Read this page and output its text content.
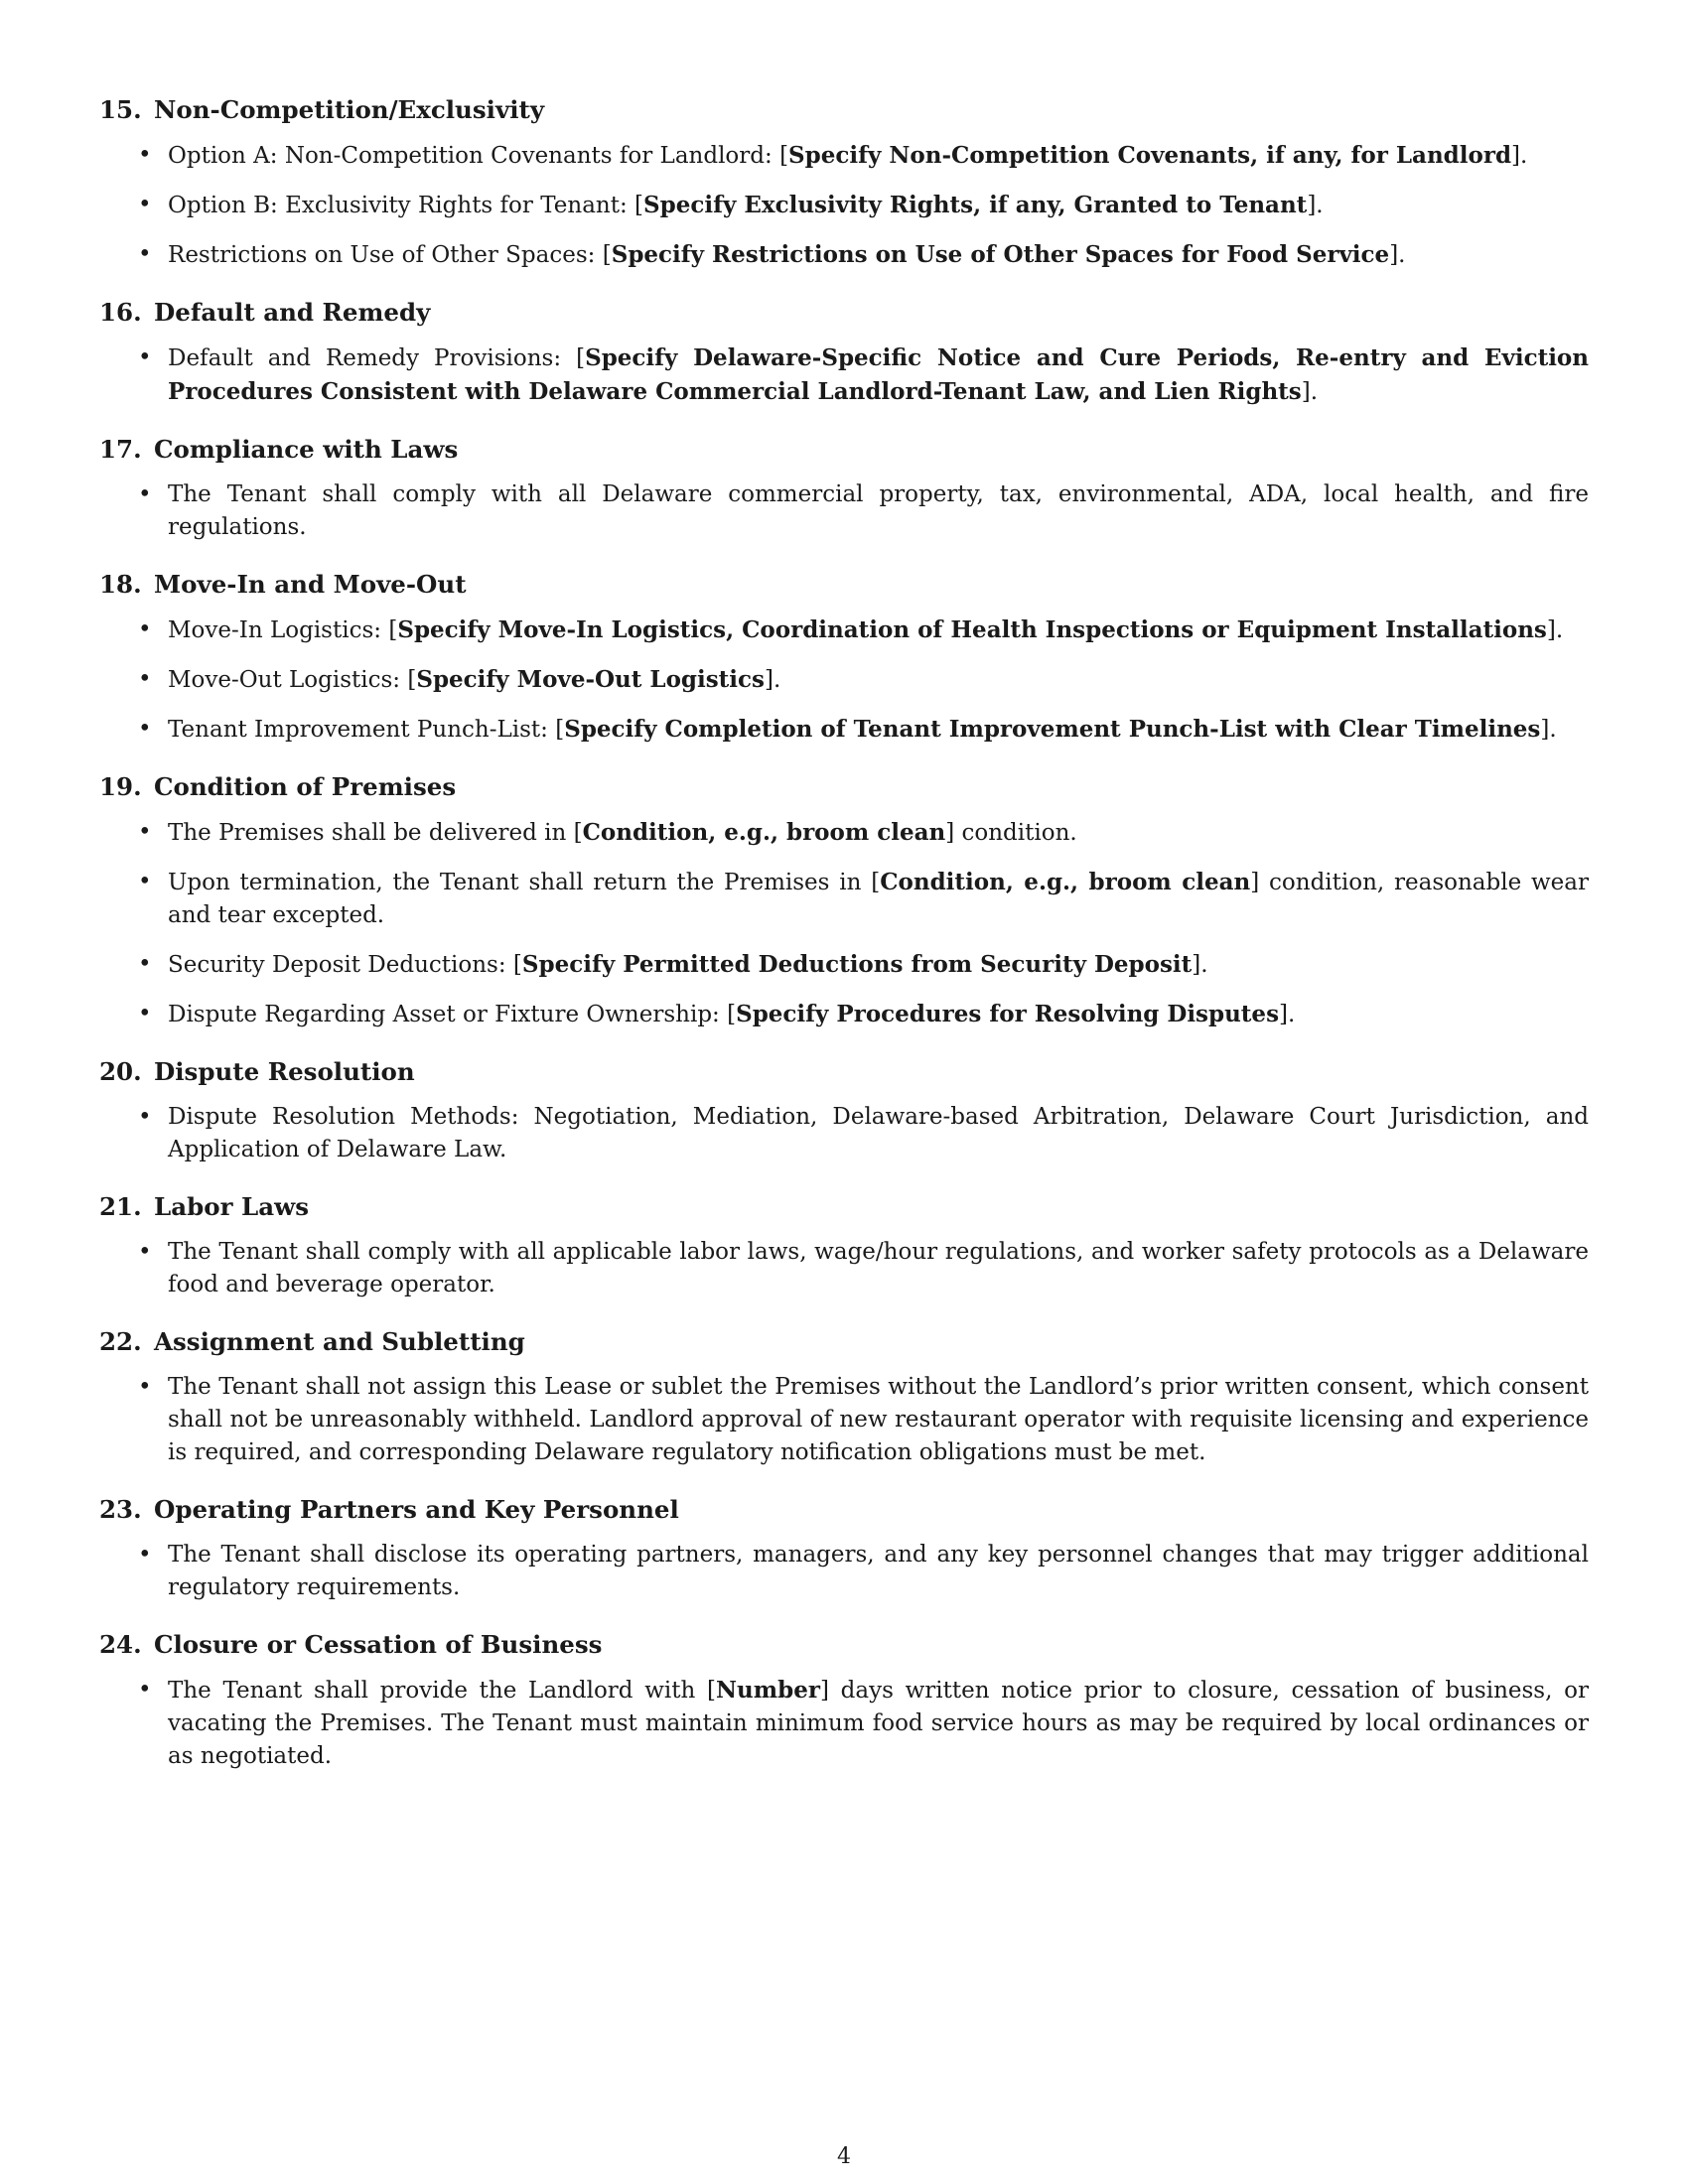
15. Non-Competition/Exclusivity
• Option A: Non-Competition Covenants for Landlord: [Specify Non-Competition Covenants, if any, for Landlord].
• Option B: Exclusivity Rights for Tenant: [Specify Exclusivity Rights, if any, Granted to Tenant].
• Restrictions on Use of Other Spaces: [Specify Restrictions on Use of Other Spaces for Food Service].
16. Default and Remedy
• Default and Remedy Provisions: [Specify Delaware-Specific Notice and Cure Periods, Re-entry and Eviction Procedures Consistent with Delaware Commercial Landlord-Tenant Law, and Lien Rights].
17. Compliance with Laws
• The Tenant shall comply with all Delaware commercial property, tax, environmental, ADA, local health, and fire regulations.
18. Move-In and Move-Out
• Move-In Logistics: [Specify Move-In Logistics, Coordination of Health Inspections or Equipment Installations].
• Move-Out Logistics: [Specify Move-Out Logistics].
• Tenant Improvement Punch-List: [Specify Completion of Tenant Improvement Punch-List with Clear Timelines].
19. Condition of Premises
• The Premises shall be delivered in [Condition, e.g., broom clean] condition.
• Upon termination, the Tenant shall return the Premises in [Condition, e.g., broom clean] condition, reasonable wear and tear excepted.
• Security Deposit Deductions: [Specify Permitted Deductions from Security Deposit].
• Dispute Regarding Asset or Fixture Ownership: [Specify Procedures for Resolving Disputes].
20. Dispute Resolution
• Dispute Resolution Methods: Negotiation, Mediation, Delaware-based Arbitration, Delaware Court Jurisdiction, and Application of Delaware Law.
21. Labor Laws
• The Tenant shall comply with all applicable labor laws, wage/hour regulations, and worker safety protocols as a Delaware food and beverage operator.
22. Assignment and Subletting
• The Tenant shall not assign this Lease or sublet the Premises without the Landlord’s prior written consent, which consent shall not be unreasonably withheld. Landlord approval of new restaurant operator with requisite licensing and experience is required, and corresponding Delaware regulatory notification obligations must be met.
23. Operating Partners and Key Personnel
• The Tenant shall disclose its operating partners, managers, and any key personnel changes that may trigger additional regulatory requirements.
24. Closure or Cessation of Business
• The Tenant shall provide the Landlord with [Number] days written notice prior to closure, cessation of business, or vacating the Premises. The Tenant must maintain minimum food service hours as may be required by local ordinances or as negotiated.
4
